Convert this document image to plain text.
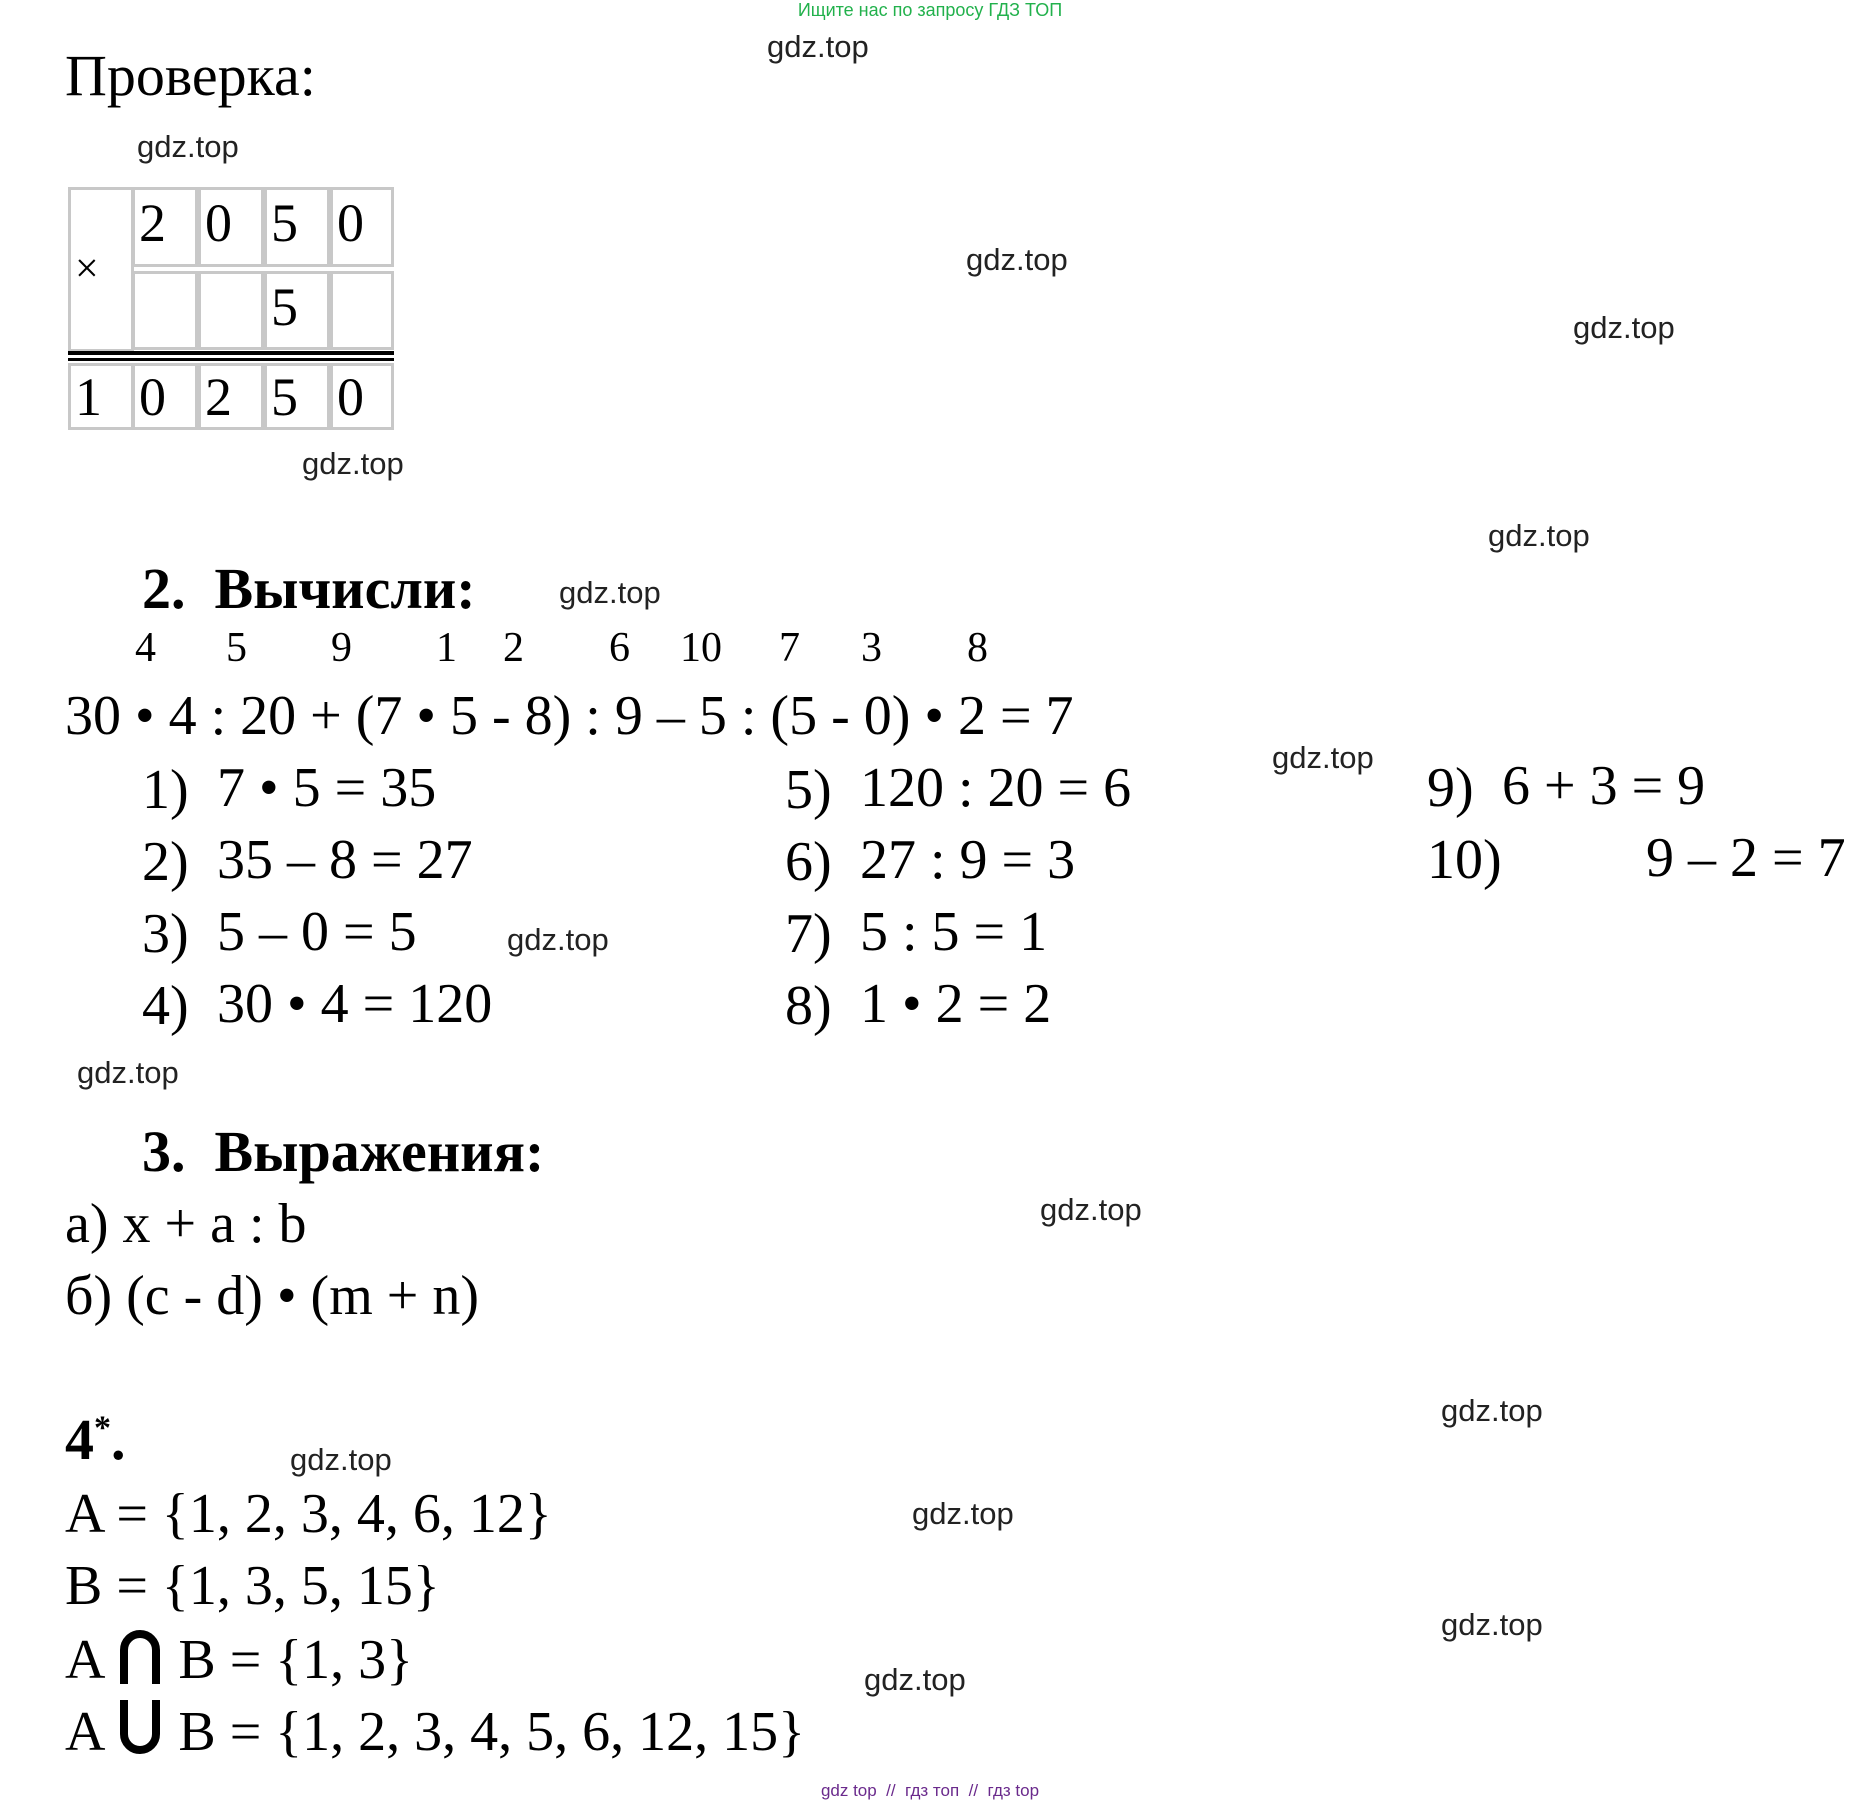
Ищите нас по запросу ГДЗ ТОП
gdz.top
gdz.top
gdz.top
gdz.top
gdz.top
gdz.top
gdz.top
gdz.top
gdz.top
gdz.top
gdz.top
gdz.top
gdz.top
gdz.top
gdz.top
gdz.top
Проверка:
×
2 0 5 0
5
1 0 2 5 0
2.  Вычисли:
4 5 9 1 2 6 10 7 3 8
30 • 4 : 20 + (7 • 5 - 8) : 9 – 5 : (5 - 0) • 2 = 7
1) 7 • 5 = 35
2) 35 – 8 = 27
3) 5 – 0 = 5
4) 30 • 4 = 120
5) 120 : 20 = 6
6) 27 : 9 = 3
7) 5 : 5 = 1
8) 1 • 2 = 2
9) 6 + 3 = 9
10)	9 – 2 = 7
3.  Выражения:
а) x + a : b
б) (c - d) • (m + n)
4*.
A = {1, 2, 3, 4, 6, 12}
B = {1, 3, 5, 15}
A B = {1, 3}
A B = {1, 2, 3, 4, 5, 6, 12, 15}
gdz top  //  гдз топ  //  гдз top
